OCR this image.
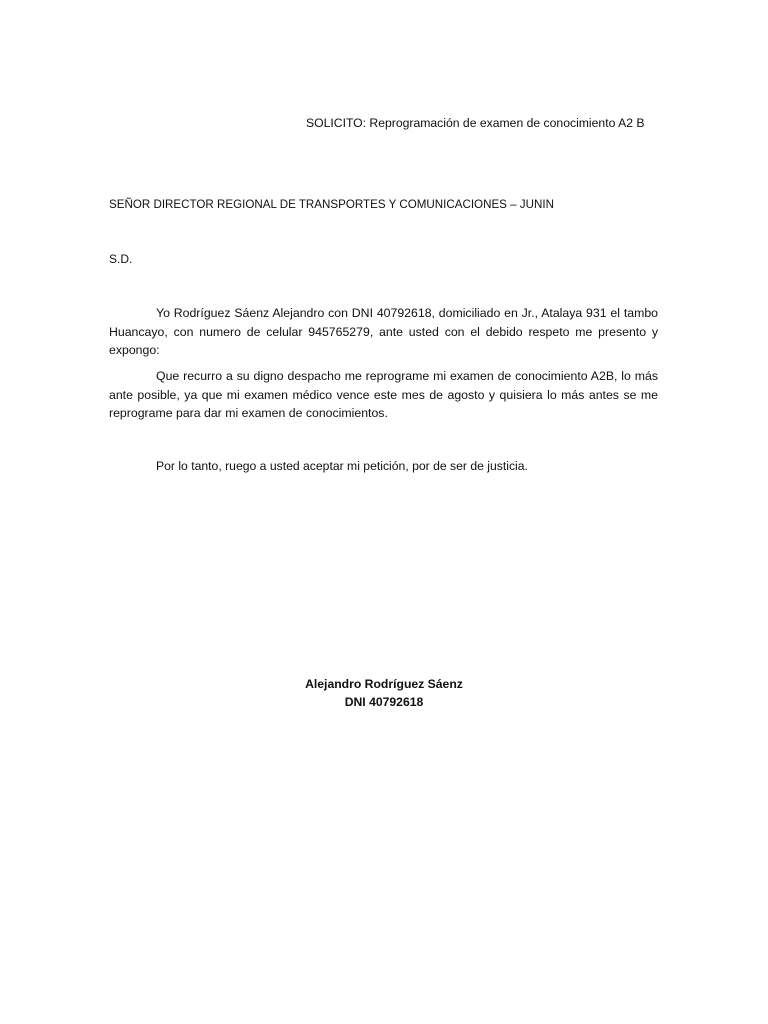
SOLICITO: Reprogramación de examen de conocimiento A2 B
SEÑOR DIRECTOR REGIONAL DE TRANSPORTES Y COMUNICACIONES – JUNIN
S.D.

Yo Rodríguez Sáenz Alejandro con DNI 40792618, domiciliado en Jr., Atalaya 931 el tambo Huancayo, con numero de celular 945765279, ante usted con el debido respeto me presento y expongo:

Que recurro a su digno despacho me reprograme mi examen de conocimiento A2B, lo más ante posible, ya que mi examen médico vence este mes de agosto y quisiera lo más antes se me reprograme para dar mi examen de conocimientos.

Por lo tanto, ruego a usted aceptar mi petición, por de ser de justicia.
Alejandro Rodríguez Sáenz
DNI 40792618
